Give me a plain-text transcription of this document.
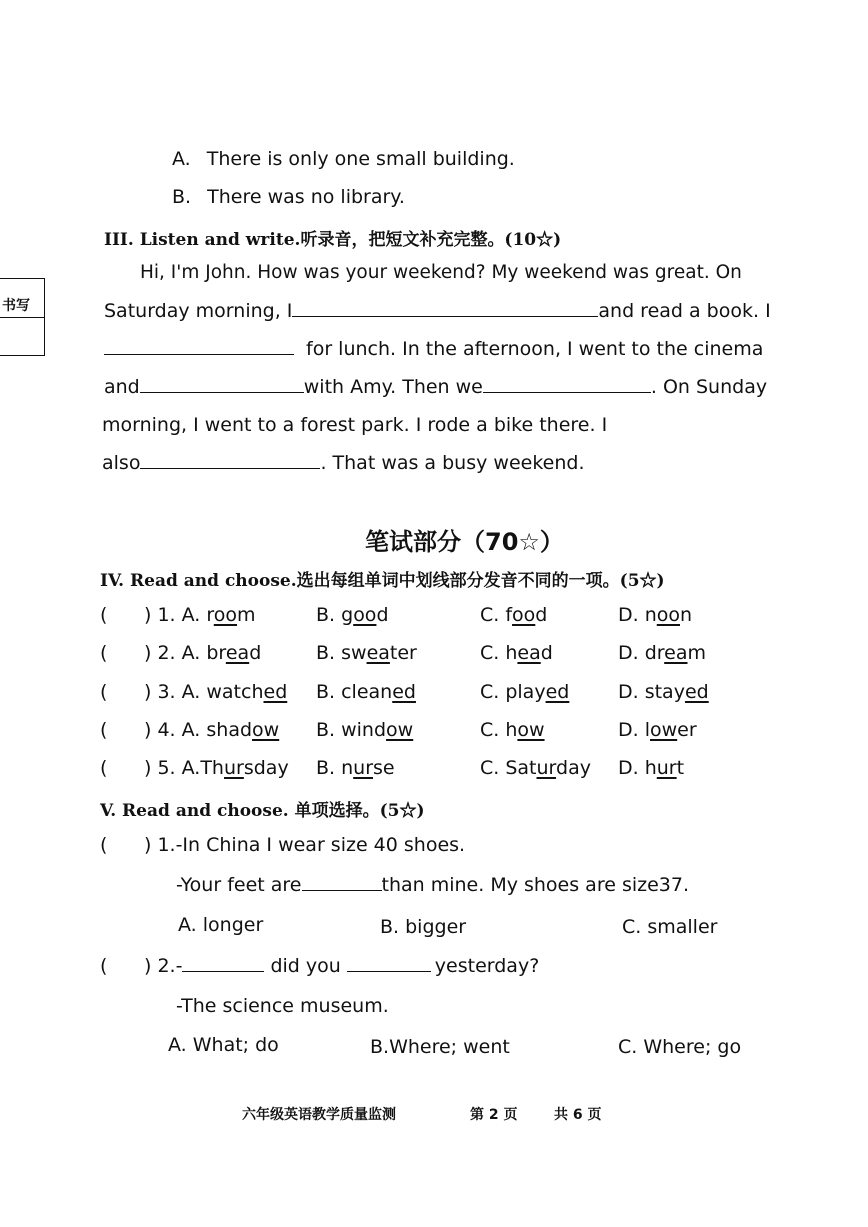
A. There is only one small building.
B. There was no library.
书写
III. Listen and write.听录音，把短文补充完整。(10☆)
Hi, I'm John. How was your weekend? My weekend was great. On
Saturday morning, I	and read a book. I
for lunch. In the afternoon, I went to the cinema
and	with Amy. Then we	. On Sunday
morning, I went to a forest park. I rode a bike there. I
also	. That was a busy weekend.
笔试部分（70☆）
IV. Read and choose.选出每组单词中划线部分发音不同的一项。(5☆)
( ) 1. A. room	B. good	C. food	D. noon
( ) 2. A. bread	B. sweater	C. head	D. dream
( ) 3. A. watched B. cleaned	C. played	D. stayed
( ) 4. A. shadow B. window	C. how	D. lower
( ) 5. A.Thursday B. nurse	C. Saturday D. hurt
V. Read and choose. 单项选择。(5☆)
( ) 1.-In China I wear size 40 shoes.
-Your feet are	than mine. My shoes are size37.
A. longer	B. bigger	C. smaller
( ) 2.-	did you	yesterday?
-The science museum.
A. What; do	B.Where; went	C. Where; go
六年级英语教学质量监测	第 2 页	共 6 页
